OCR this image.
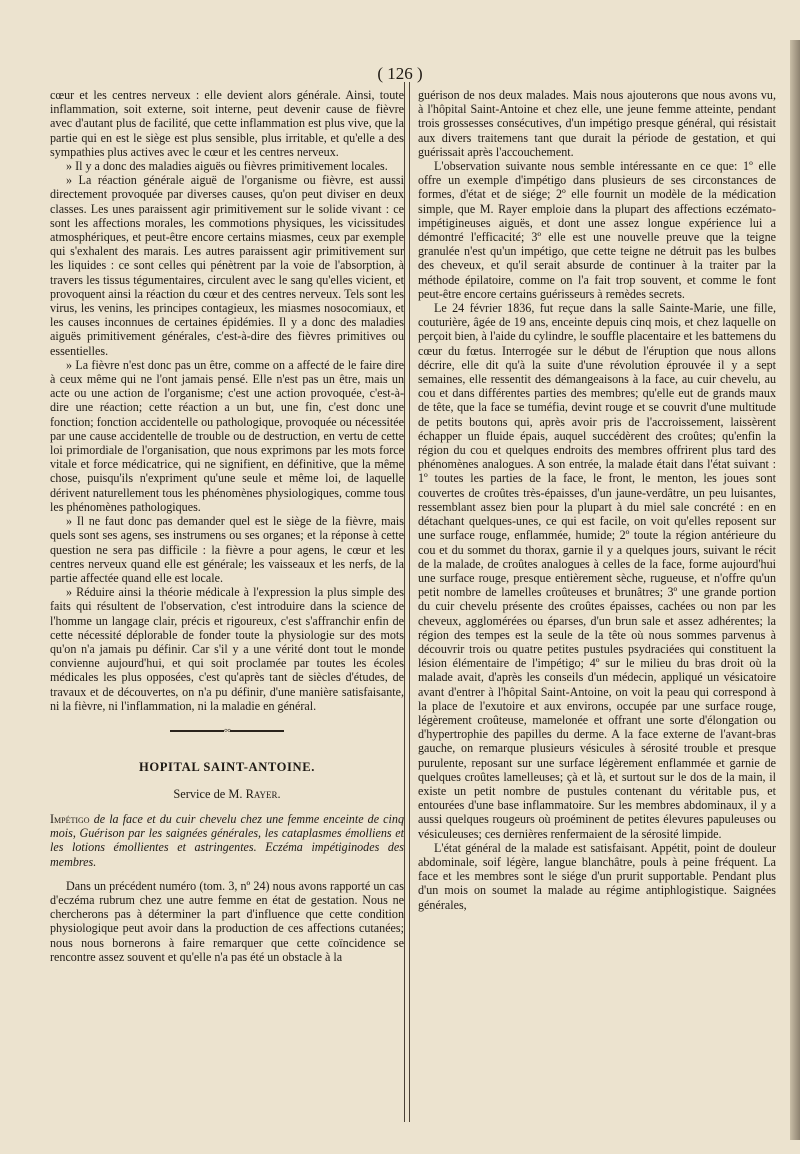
( 126 )

cœur et les centres nerveux : elle devient alors générale. Ainsi, toute inflammation, soit externe, soit interne, peut devenir cause de fièvre avec d'autant plus de facilité, que cette inflammation est plus vive, que la partie qui en est le siège est plus sensible, plus irritable, et qu'elle a des sympathies plus actives avec le cœur et les centres nerveux.

» Il y a donc des maladies aiguës ou fièvres primitivement locales.

» La réaction générale aiguë de l'organisme ou fièvre, est aussi directement provoquée par diverses causes, qu'on peut diviser en deux classes. Les unes paraissent agir primitivement sur le solide vivant : ce sont les affections morales, les commotions physiques, les vicissitudes atmosphériques, et peut-être encore certains miasmes, ceux par exemple qui s'exhalent des marais. Les autres paraissent agir primitivement sur les liquides : ce sont celles qui pénètrent par la voie de l'absorption, à travers les tissus tégumentaires, circulent avec le sang qu'elles vicient, et provoquent ainsi la réaction du cœur et des centres nerveux. Tels sont les virus, les venins, les principes contagieux, les miasmes nosocomiaux, et les causes inconnues de certaines épidémies. Il y a donc des maladies aiguës primitivement générales, c'est-à-dire des fièvres primitives ou essentielles.

» La fièvre n'est donc pas un être, comme on a affecté de le faire dire à ceux même qui ne l'ont jamais pensé. Elle n'est pas un être, mais un acte ou une action de l'organisme; c'est une action provoquée, c'est-à-dire une réaction; cette réaction a un but, une fin, c'est donc une fonction; fonction accidentelle ou pathologique, provoquée ou nécessitée par une cause accidentelle de trouble ou de destruction, en vertu de cette loi primordiale de l'organisation, que nous exprimons par les mots force vitale et force médicatrice, qui ne signifient, en définitive, que la même chose, puisqu'ils n'expriment qu'une seule et même loi, de laquelle dérivent naturellement tous les phénomènes physiologiques, comme tous les phénomènes pathologiques.

» Il ne faut donc pas demander quel est le siège de la fièvre, mais quels sont ses agens, ses instrumens ou ses organes; et la réponse à cette question ne sera pas difficile : la fièvre a pour agens, le cœur et les centres nerveux quand elle est générale; les vaisseaux et les nerfs, de la partie affectée quand elle est locale.

» Réduire ainsi la théorie médicale à l'expression la plus simple des faits qui résultent de l'observation, c'est introduire dans la science de l'homme un langage clair, précis et rigoureux, c'est s'affranchir enfin de cette nécessité déplorable de fonder toute la physiologie sur des mots qu'on n'a jamais pu définir. Car s'il y a une vérité dont tout le monde convienne aujourd'hui, et qui soit proclamée par toutes les écoles médicales les plus opposées, c'est qu'après tant de siècles d'études, de travaux et de découvertes, on n'a pu définir, d'une manière satisfaisante, ni la fièvre, ni l'inflammation, ni la maladie en général.

◦◦
HOPITAL SAINT-ANTOINE.
Service de M. Rayer.

Impétigo de la face et du cuir chevelu chez une femme enceinte de cinq mois, Guérison par les saignées générales, les cataplasmes émolliens et les lotions émollientes et astringentes. Eczéma impétiginodes des membres.

Dans un précédent numéro (tom. 3, nº 24) nous avons rapporté un cas d'eczéma rubrum chez une autre femme en état de gestation. Nous ne chercherons pas à déterminer la part d'influence que cette condition physiologique peut avoir dans la production de ces affections cutanées; nous nous bornerons à faire remarquer que cette coïncidence se rencontre assez souvent et qu'elle n'a pas été un obstacle à la

guérison de nos deux malades. Mais nous ajouterons que nous avons vu, à l'hôpital Saint-Antoine et chez elle, une jeune femme atteinte, pendant trois grossesses consécutives, d'un impétigo presque général, qui résistait aux divers traitemens tant que durait la période de gestation, et qui guérissait après l'accouchement.

L'observation suivante nous semble intéressante en ce que: 1º elle offre un exemple d'impétigo dans plusieurs de ses circonstances de formes, d'état et de siége; 2º elle fournit un modèle de la médication simple, que M. Rayer emploie dans la plupart des affections eczémato-impétigineuses aiguës, et dont une assez longue expérience lui a démontré l'efficacité; 3º elle est une nouvelle preuve que la teigne granulée n'est qu'un impétigo, que cette teigne ne détruit pas les bulbes des cheveux, et qu'il serait absurde de continuer à la traiter par la méthode épilatoire, comme on l'a fait trop souvent, et comme le font peut-être encore certains guérisseurs à remèdes secrets.

Le 24 février 1836, fut reçue dans la salle Sainte-Marie, une fille, couturière, âgée de 19 ans, enceinte depuis cinq mois, et chez laquelle on perçoit bien, à l'aide du cylindre, le souffle placentaire et les battemens du cœur du fœtus. Interrogée sur le début de l'éruption que nous allons décrire, elle dit qu'à la suite d'une révolution éprouvée il y a sept semaines, elle ressentit des démangeaisons à la face, au cuir chevelu, au cou et dans différentes parties des membres; qu'elle eut de grands maux de tête, que la face se tuméfia, devint rouge et se couvrit d'une multitude de petits boutons qui, après avoir pris de l'accroissement, laissèrent échapper un fluide épais, auquel succédèrent des croûtes; qu'enfin la région du cou et quelques endroits des membres offrirent plus tard des phénomènes analogues. A son entrée, la malade était dans l'état suivant : 1º toutes les parties de la face, le front, le menton, les joues sont couvertes de croûtes très-épaisses, d'un jaune-verdâtre, un peu luisantes, ressemblant assez bien pour la plupart à du miel sale concrété : en en détachant quelques-unes, ce qui est facile, on voit qu'elles reposent sur une surface rouge, enflammée, humide; 2º toute la région antérieure du cou et du sommet du thorax, garnie il y a quelques jours, suivant le récit de la malade, de croûtes analogues à celles de la face, forme aujourd'hui une surface rouge, presque entièrement sèche, rugueuse, et n'offre qu'un petit nombre de lamelles croûteuses et brunâtres; 3º une grande portion du cuir chevelu présente des croûtes épaisses, cachées ou non par les cheveux, agglomérées ou éparses, d'un brun sale et assez adhérentes; la région des tempes est la seule de la tête où nous sommes parvenus à découvrir trois ou quatre petites pustules psydraciées qui constituent la lésion élémentaire de l'impétigo; 4º sur le milieu du bras droit où la malade avait, d'après les conseils d'un médecin, appliqué un vésicatoire avant d'entrer à l'hôpital Saint-Antoine, on voit la peau qui correspond à la place de l'exutoire et aux environs, occupée par une surface rouge, légèrement croûteuse, mamelonée et offrant une sorte d'élongation ou d'hypertrophie des papilles du derme. A la face externe de l'avant-bras gauche, on remarque plusieurs vésicules à sérosité trouble et presque purulente, reposant sur une surface légèrement enflammée et garnie de quelques croûtes lamelleuses; çà et là, et surtout sur le dos de la main, il existe un petit nombre de pustules contenant du véritable pus, et entourées d'une base inflammatoire. Sur les membres abdominaux, il y a aussi quelques rougeurs où proéminent de petites élevures papuleuses ou vésiculeuses; ces dernières renfermaient de la sérosité limpide.

L'état général de la malade est satisfaisant. Appétit, point de douleur abdominale, soif légère, langue blanchâtre, pouls à peine fréquent. La face et les membres sont le siége d'un prurit supportable. Pendant plus d'un mois on soumet la malade au régime antiphlogistique. Saignées générales,
